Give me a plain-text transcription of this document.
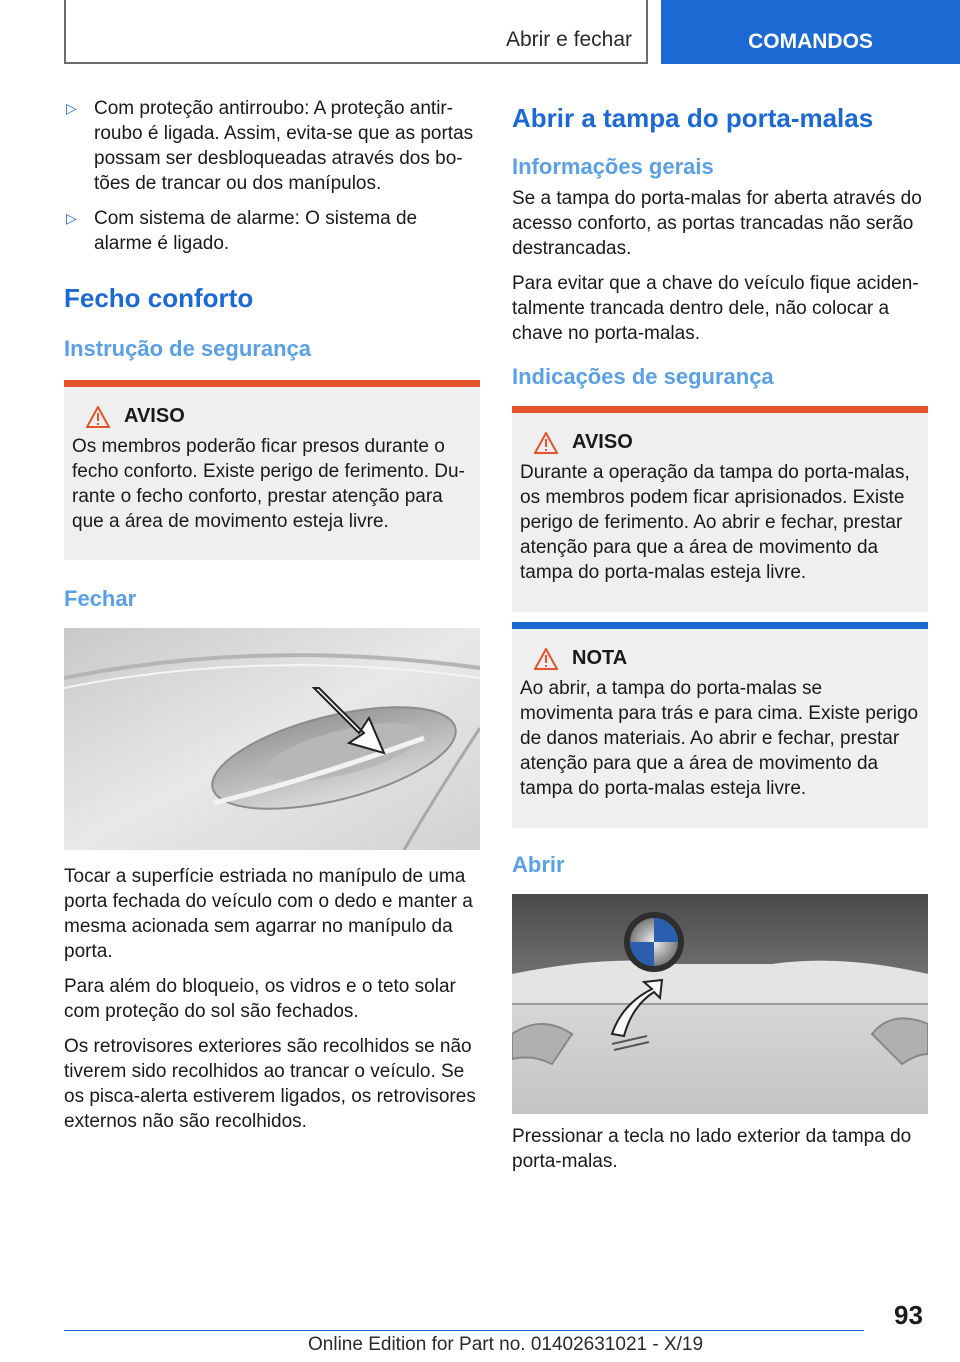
Abrir e fechar	COMANDOS
▷ Com proteção antirroubo: A proteção antir-roubo é ligada. Assim, evita-se que as portas possam ser desbloqueadas através dos bo-tões de trancar ou dos manípulos.
▷ Com sistema de alarme: O sistema de alarme é ligado.
Fecho conforto
Instrução de segurança
AVISO
Os membros poderão ficar presos durante o fecho conforto. Existe perigo de ferimento. Du-rante o fecho conforto, prestar atenção para que a área de movimento esteja livre.
Fechar

Tocar a superfície estriada no manípulo de uma porta fechada do veículo com o dedo e manter a mesma acionada sem agarrar no manípulo da porta.

Para além do bloqueio, os vidros e o teto solar com proteção do sol são fechados.

Os retrovisores exteriores são recolhidos se não tiverem sido recolhidos ao trancar o veículo. Se os pisca-alerta estiverem ligados, os retrovisores externos não são recolhidos.

Abrir a tampa do porta-malas
Informações gerais

Se a tampa do porta-malas for aberta através do acesso conforto, as portas trancadas não serão destrancadas.

Para evitar que a chave do veículo fique aciden-talmente trancada dentro dele, não colocar a chave no porta-malas.

Indicações de segurança
AVISO
Durante a operação da tampa do porta-malas, os membros podem ficar aprisionados. Existe perigo de ferimento. Ao abrir e fechar, prestar atenção para que a área de movimento da tampa do porta-malas esteja livre.
NOTA
Ao abrir, a tampa do porta-malas se movimenta para trás e para cima. Existe perigo de danos materiais. Ao abrir e fechar, prestar atenção para que a área de movimento da tampa do porta-malas esteja livre.
Abrir

Pressionar a tecla no lado exterior da tampa do porta-malas.

93
Online Edition for Part no. 01402631021 - X/19
